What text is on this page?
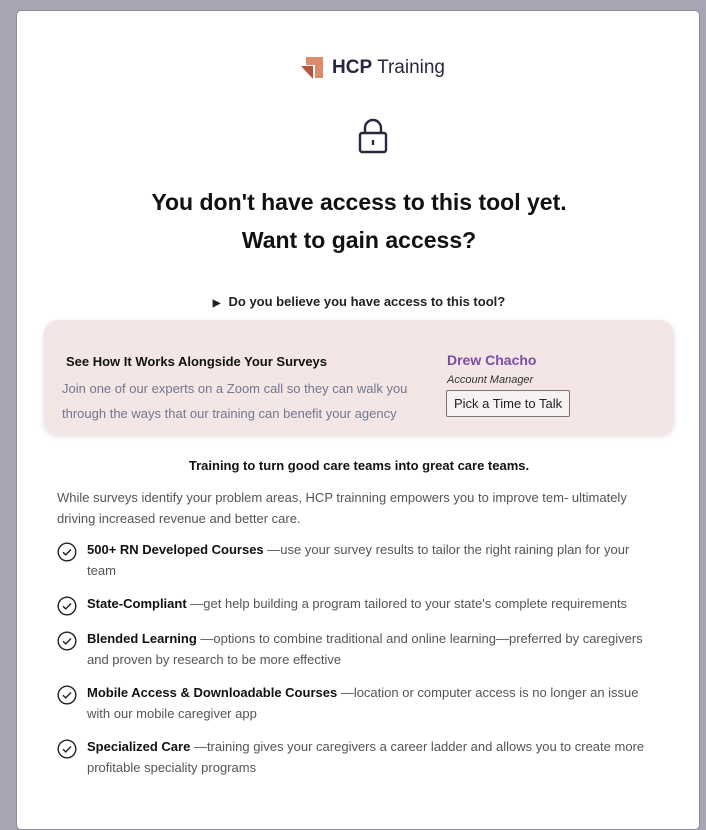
HCP Training
You don't have access to this tool yet.
Want to gain access?
▶ Do you believe you have access to this tool?
See How It Works Alongside Your Surveys
Join one of our experts on a Zoom call so they can walk you through the ways that our training can benefit your agency
Drew Chacho
Account Manager
Pick a Time to Talk
Training to turn good care teams into great care teams.
While surveys identify your problem areas, HCP trainning empowers you to improve tem- ultimately driving increased revenue and better care.
500+ RN Developed Courses —use your survey results to tailor the right raining plan for your team
State-Compliant —get help building a program tailored to your state's complete requirements
Blended Learning —options to combine traditional and online learning—preferred by caregivers and proven by research to be more effective
Mobile Access & Downloadable Courses —location or computer access is no longer an issue with our mobile caregiver app
Specialized Care —training gives your caregivers a career ladder and allows you to create more profitable speciality programs
